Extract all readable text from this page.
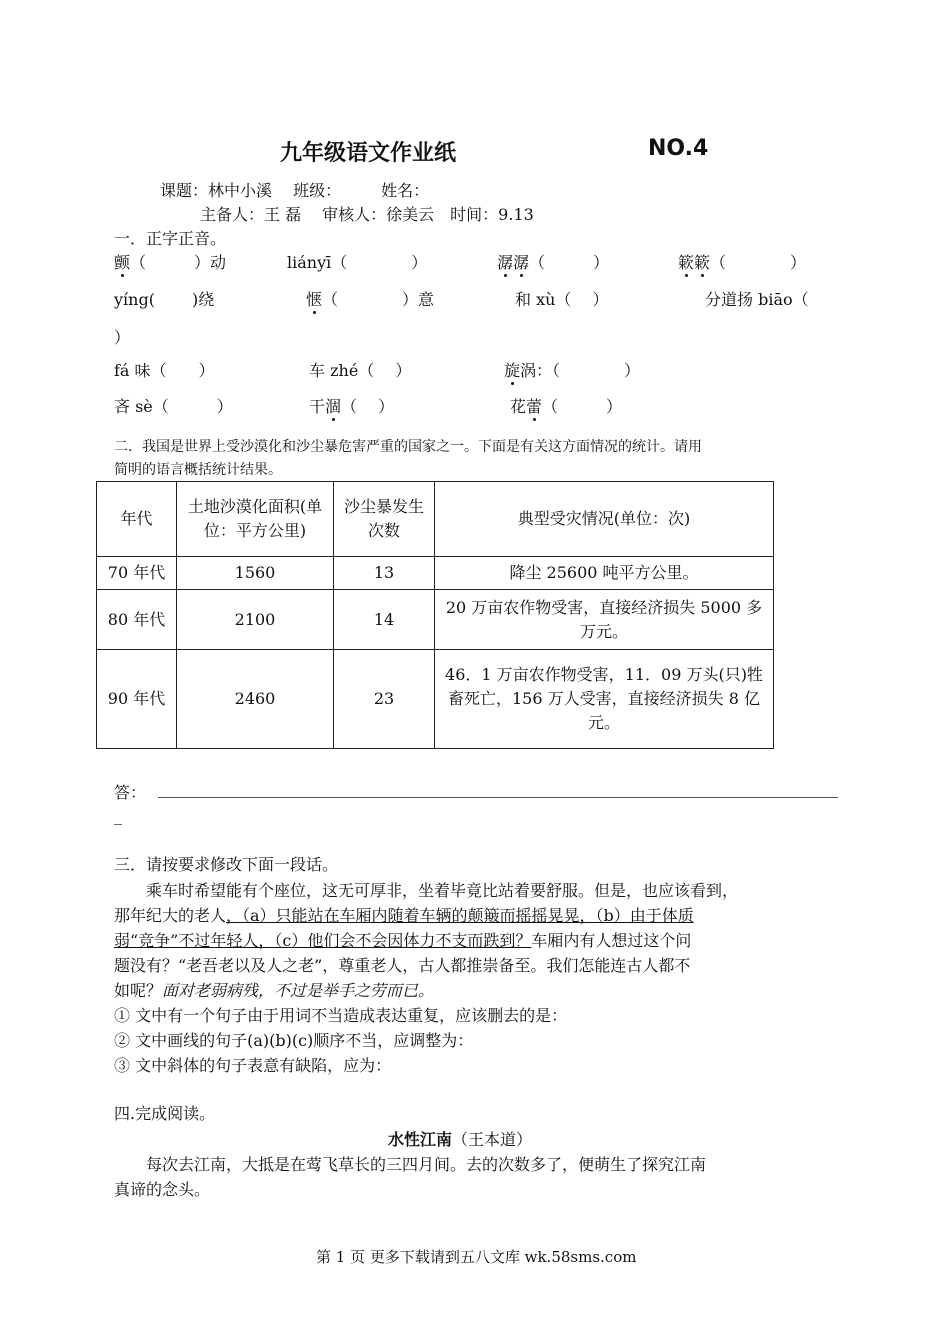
九年级语文作业纸	NO.4
课题：林中小溪　 班级：　　　姓名：
主备人：王 磊　 审核人：徐美云　时间：9.13
一．正字正音。
颤（　　　）动	liányī（　　　　）	潺潺（　　　）	簌簌（　　　　）
yíng(　　 )绕	惬（　　　　）意	和 xù（　 ）	分道扬 biāo（
）
fá 味（　　）	车 zhé（　 ）	旋涡：（　　　　）
吝 sè（　　　）	干涸（　 ）	花蕾（　　　）
二．我国是世界上受沙漠化和沙尘暴危害严重的国家之一。下面是有关这方面情况的统计。请用
简明的语言概括统计结果。
年代	土地沙漠化面积(单位：平方公里)	沙尘暴发生次数	典型受灾情况(单位：次)
70 年代	1560	13	降尘 25600 吨平方公里。
80 年代	2100	14	20 万亩农作物受害，直接经济损失 5000 多万元。
90 年代	2460	23	46．1 万亩农作物受害，11．09 万头(只)牲畜死亡，156 万人受害，直接经济损失 8 亿元。
答：
_
三．请按要求修改下面一段话。
乘车时希望能有个座位，这无可厚非，坐着毕竟比站着要舒服。但是，也应该看到，
那年纪大的老人，（a）只能站在车厢内随着车辆的颠簸而摇摇晃晃，（b）由于体质
弱“竞争”不过年轻人，（c）他们会不会因体力不支而跌到？车厢内有人想过这个问
题没有？“老吾老以及人之老”，尊重老人，古人都推崇备至。我们怎能连古人都不
如呢？面对老弱病残，不过是举手之劳而已。
① 文中有一个句子由于用词不当造成表达重复，应该删去的是：
② 文中画线的句子(a)(b)(c)顺序不当，应调整为：
③ 文中斜体的句子表意有缺陷，应为：
四.完成阅读。
水性江南（王本道）
每次去江南，大抵是在莺飞草长的三四月间。去的次数多了，便萌生了探究江南
真谛的念头。
第 1 页 更多下载请到五八文库 wk.58sms.com
